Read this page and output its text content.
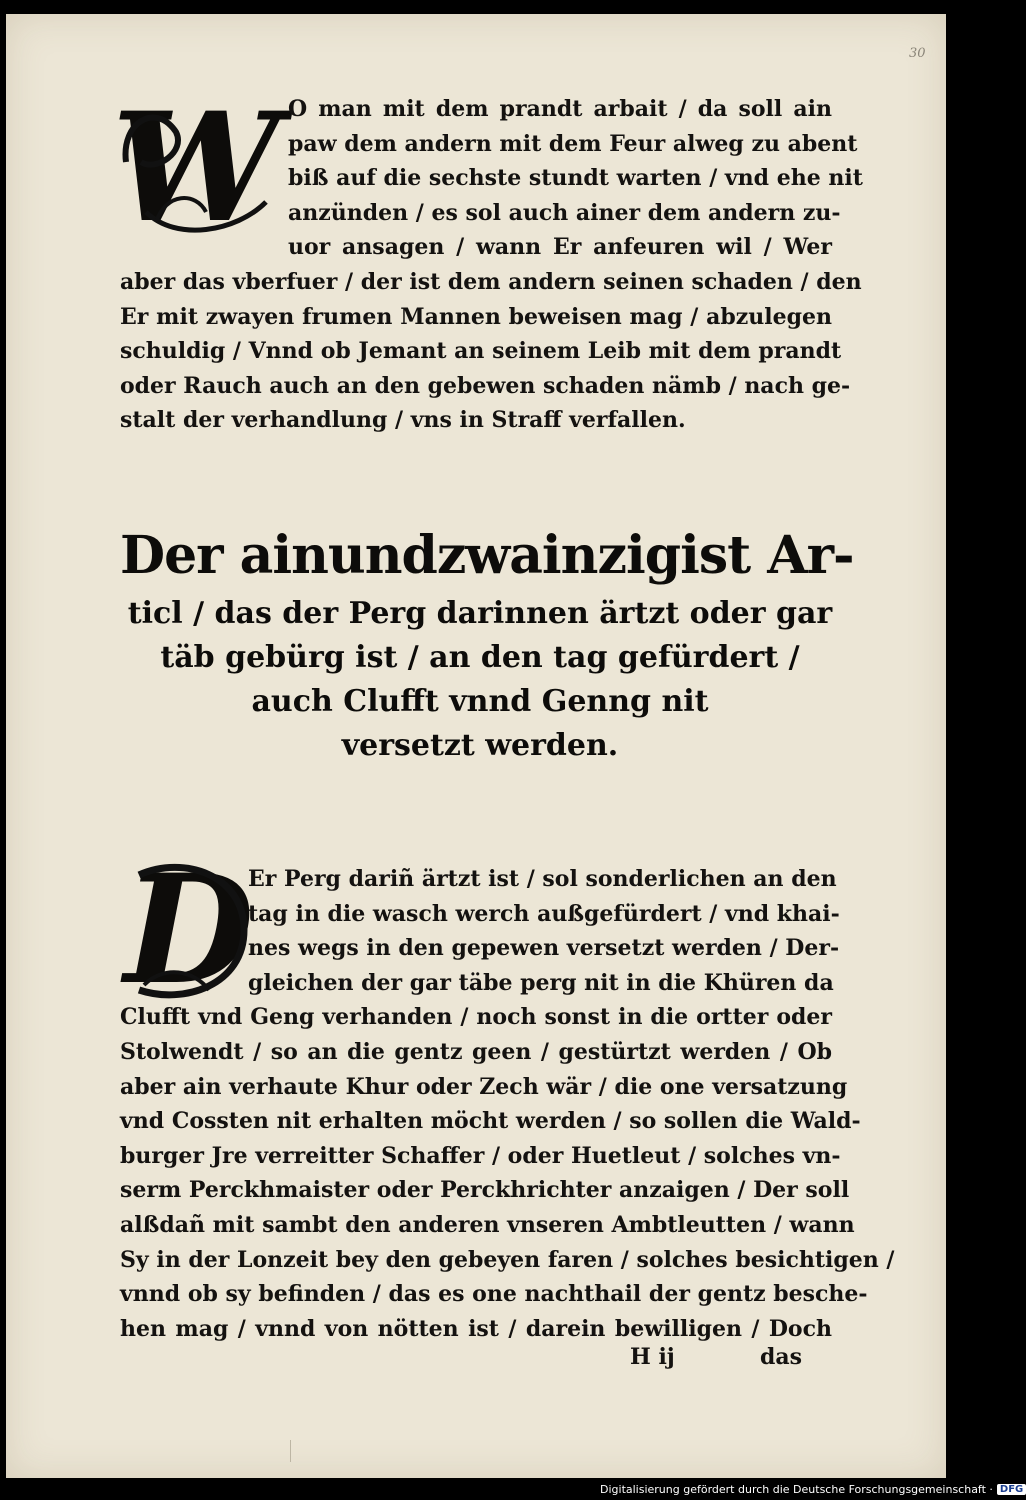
30
W O man mit dem prandt arbait / da soll ain
paw dem andern mit dem Feur alweg zu abent
biß auf die sechste stundt warten / vnd ehe nit
anzünden / es sol auch ainer dem andern zu-
uor ansagen / wann Er anfeuren wil / Wer
aber das vberfuer / der ist dem andern seinen schaden / den
Er mit zwayen frumen Mannen beweisen mag / abzulegen
schuldig / Vnnd ob Jemant an seinem Leib mit dem prandt
oder Rauch auch an den gebewen schaden nämb / nach ge-
stalt der verhandlung / vns in Straff verfallen.
Der ainundzwainzigist Ar-
ticl / das der Perg darinnen ärtzt oder gar
täb gebürg ist / an den tag gefürdert /
auch Clufft vnnd Genng nit
versetzt werden.
D
Er Perg dariñ ärtzt ist / sol sonderlichen an den
tag in die wasch werch außgefürdert / vnd khai-
nes wegs in den gepewen versetzt werden / Der-
gleichen der gar täbe perg nit in die Khüren da
Clufft vnd Geng verhanden / noch sonst in die ortter oder
Stolwendt / so an die gentz geen / gestürtzt werden / Ob
aber ain verhaute Khur oder Zech wär / die one versatzung
vnd Cossten nit erhalten möcht werden / so sollen die Wald-
burger Jre verreitter Schaffer / oder Huetleut / solches vn-
serm Perckhmaister oder Perckhrichter anzaigen / Der soll
alßdañ mit sambt den anderen vnseren Ambtleutten / wann
Sy in der Lonzeit bey den gebeyen faren / solches besichtigen /
vnnd ob sy befinden / das es one nachthail der gentz besche-
hen mag / vnnd von nötten ist / darein bewilligen / Doch
H ij	das
Digitalisierung gefördert durch die Deutsche Forschungsgemeinschaft · DFG
